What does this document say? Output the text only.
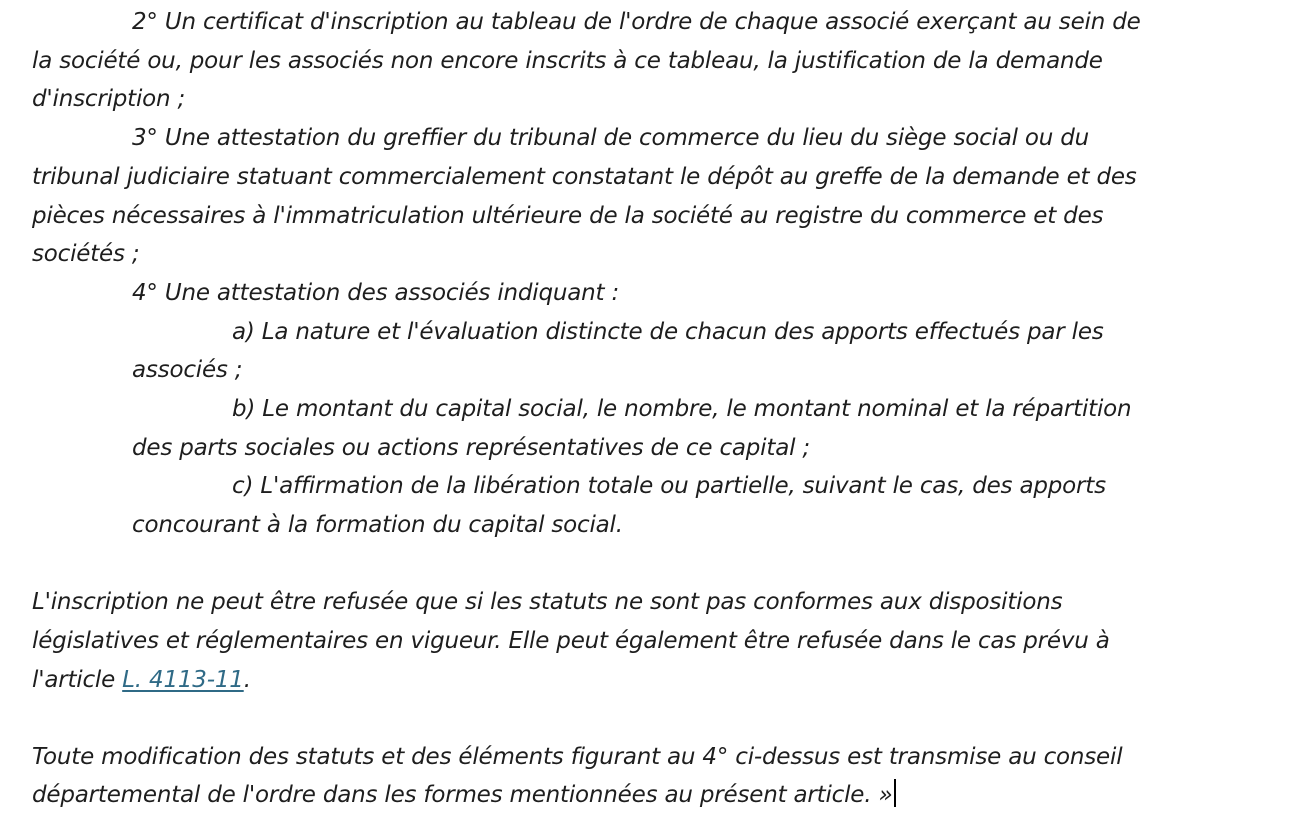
2° Un certificat d'inscription au tableau de l'ordre de chaque associé exerçant au sein de
la société ou, pour les associés non encore inscrits à ce tableau, la justification de la demande
d'inscription ;
3° Une attestation du greffier du tribunal de commerce du lieu du siège social ou du
tribunal judiciaire statuant commercialement constatant le dépôt au greffe de la demande et des
pièces nécessaires à l'immatriculation ultérieure de la société au registre du commerce et des
sociétés ;
4° Une attestation des associés indiquant :
a) La nature et l'évaluation distincte de chacun des apports effectués par les
associés ;
b) Le montant du capital social, le nombre, le montant nominal et la répartition
des parts sociales ou actions représentatives de ce capital ;
c) L'affirmation de la libération totale ou partielle, suivant le cas, des apports
concourant à la formation du capital social.
L'inscription ne peut être refusée que si les statuts ne sont pas conformes aux dispositions
législatives et réglementaires en vigueur. Elle peut également être refusée dans le cas prévu à
l'article L. 4113-11.
Toute modification des statuts et des éléments figurant au 4° ci-dessus est transmise au conseil
départemental de l'ordre dans les formes mentionnées au présent article. »
